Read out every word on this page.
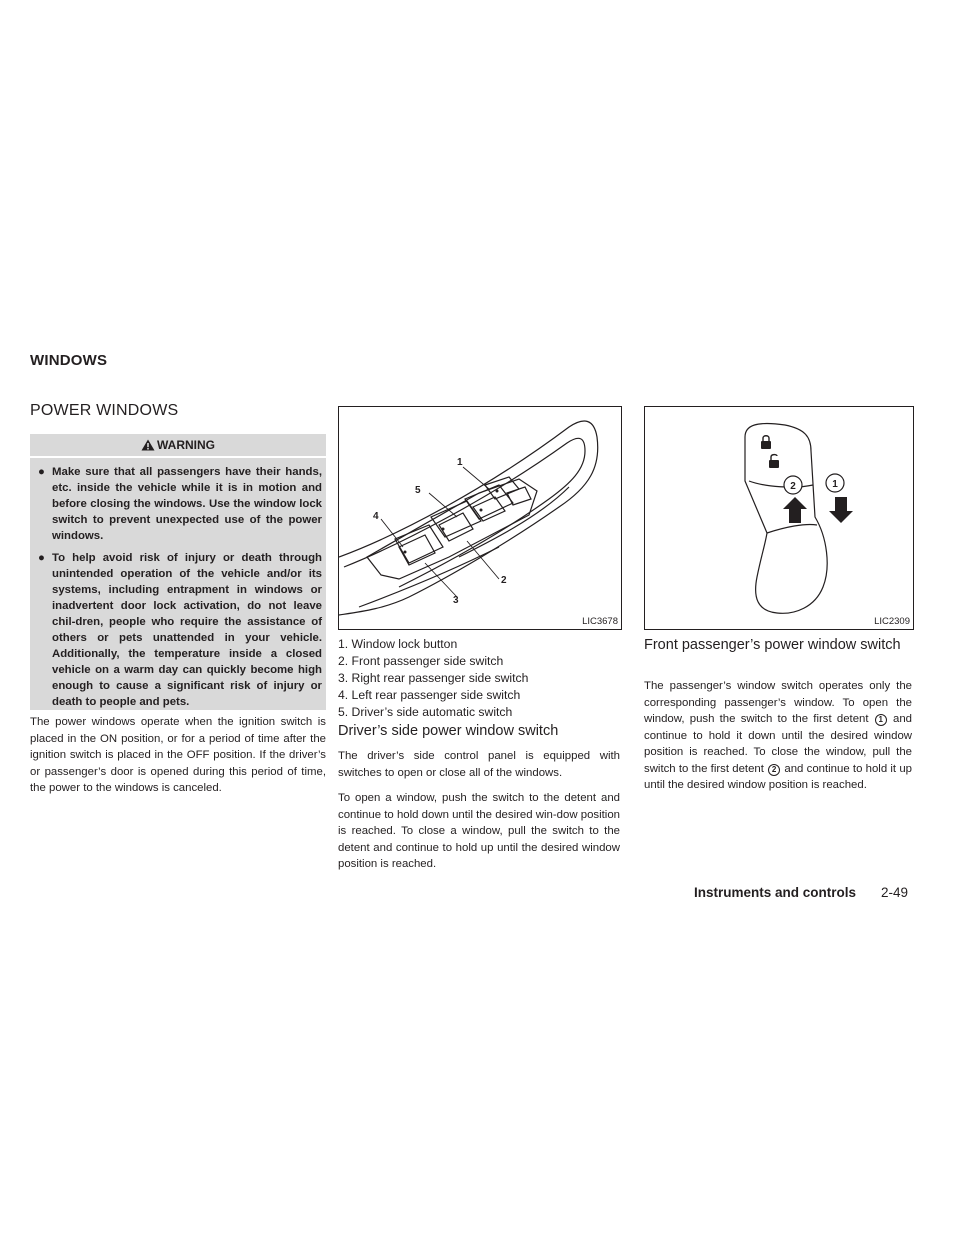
WINDOWS
POWER WINDOWS
WARNING
● Make sure that all passengers have their hands, etc. inside the vehicle while it is in motion and before closing the windows. Use the window lock switch to prevent unexpected use of the power windows.
● To help avoid risk of injury or death through unintended operation of the vehicle and/or its systems, including entrapment in windows or inadvertent door lock activation, do not leave chil-dren, people who require the assistance of others or pets unattended in your vehicle. Additionally, the temperature inside a closed vehicle on a warm day can quickly become high enough to cause a significant risk of injury or death to people and pets.
The power windows operate when the ignition switch is placed in the ON position, or for a period of time after the ignition switch is placed in the OFF position. If the driver’s or passenger’s door is opened during this period of time, the power to the windows is canceled.
1
2
3
4
5
LIC3678
1. Window lock button
2. Front passenger side switch
3. Right rear passenger side switch
4. Left rear passenger side switch
5. Driver’s side automatic switch
Driver’s side power window switch
The driver’s side control panel is equipped with switches to open or close all of the windows.
To open a window, push the switch to the detent and continue to hold down until the desired win-dow position is reached. To close a window, pull the switch to the detent and continue to hold up until the desired window position is reached.
2	1
LIC2309
Front passenger’s power window switch
The passenger’s window switch operates only the corresponding passenger’s window. To open the window, push the switch to the first detent 1 and continue to hold it down until the desired window position is reached. To close the window, pull the switch to the first detent 2 and continue to hold it up until the desired window position is reached.
Instruments and controls 2-49
